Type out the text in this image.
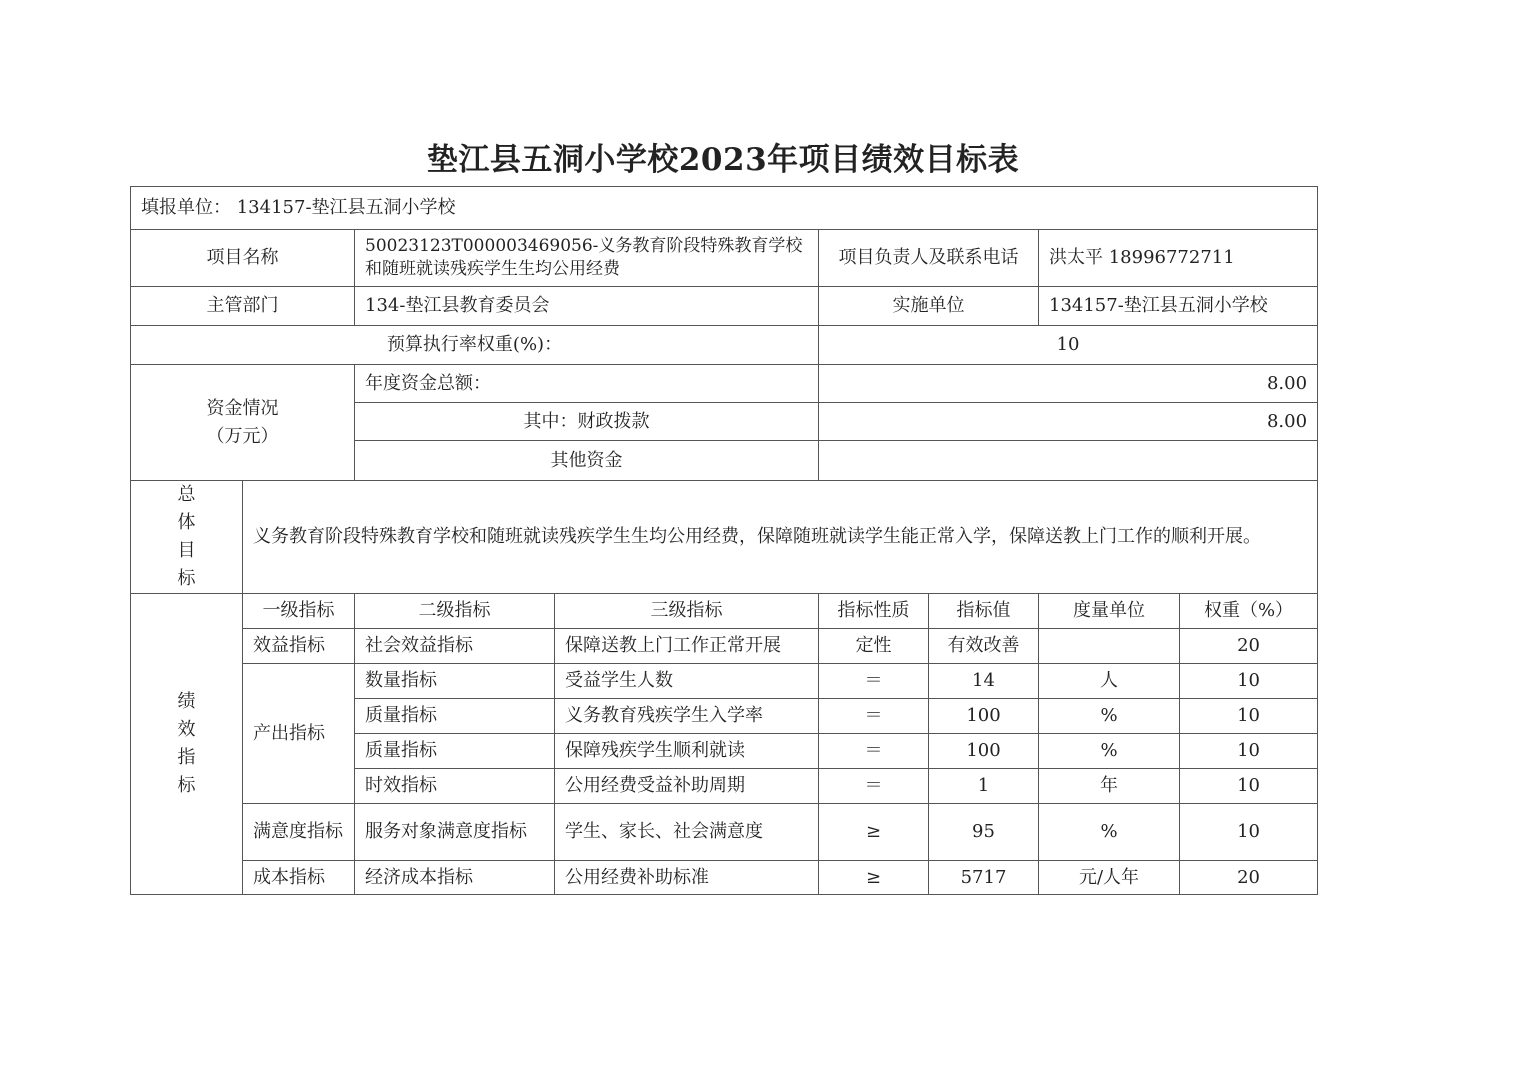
垫江县五洞小学校2023年项目绩效目标表
填报单位： 134157-垫江县五洞小学校							
项目名称		50023123T000003469056-义务教育阶段特殊教育学校和随班就读残疾学生生均公用经费		项目负责人及联系电话		洪太平 18996772711	
主管部门		134-垫江县教育委员会		实施单位		134157-垫江县五洞小学校	
预算执行率权重(%)：				10			

资金情况
（万元）		年度资金总额：		8.00			
		其中：财政拨款		8.00			
		其他资金					

总
体
目
标	义务教育阶段特殊教育学校和随班就读残疾学生生均公用经费，保障随班就读学生能正常入学，保障送教上门工作的顺利开展。						

绩
效
指
标	一级指标	二级指标	三级指标	指标性质	指标值	度量单位	权重（%）
	效益指标	社会效益指标	保障送教上门工作正常开展	定性	有效改善		20
	产出指标	数量指标	受益学生人数	＝	14	人	10
		质量指标	义务教育残疾学生入学率	＝	100	%	10
		质量指标	保障残疾学生顺利就读	＝	100	%	10
		时效指标	公用经费受益补助周期	＝	1	年	10
	满意度指标	服务对象满意度指标	学生、家长、社会满意度	≥	95	%	10
	成本指标	经济成本指标	公用经费补助标准	≥	5717	元/人年	20
